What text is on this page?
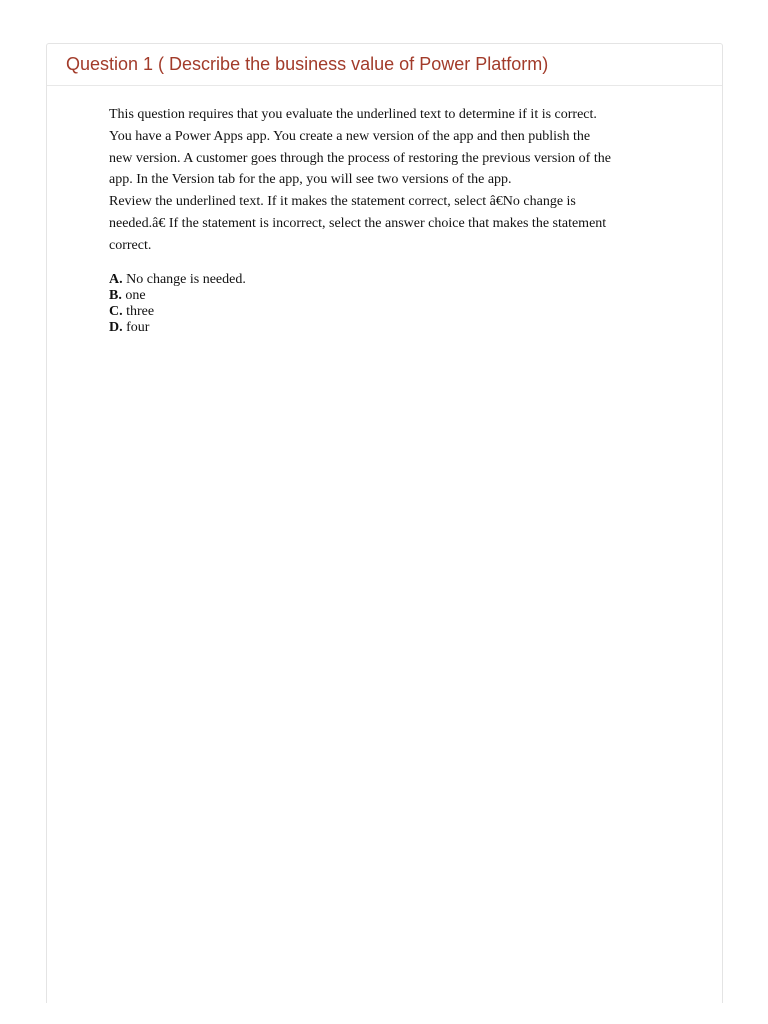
Question 1 ( Describe the business value of Power Platform)

This question requires that you evaluate the underlined text to determine if it is correct.
You have a Power Apps app. You create a new version of the app and then publish the
new version. A customer goes through the process of restoring the previous version of the
app. In the Version tab for the app, you will see two versions of the app.
Review the underlined text. If it makes the statement correct, select â€No change is
needed.â€ If the statement is incorrect, select the answer choice that makes the statement
correct.

A. No change is needed.
B. one
C. three
D. four
